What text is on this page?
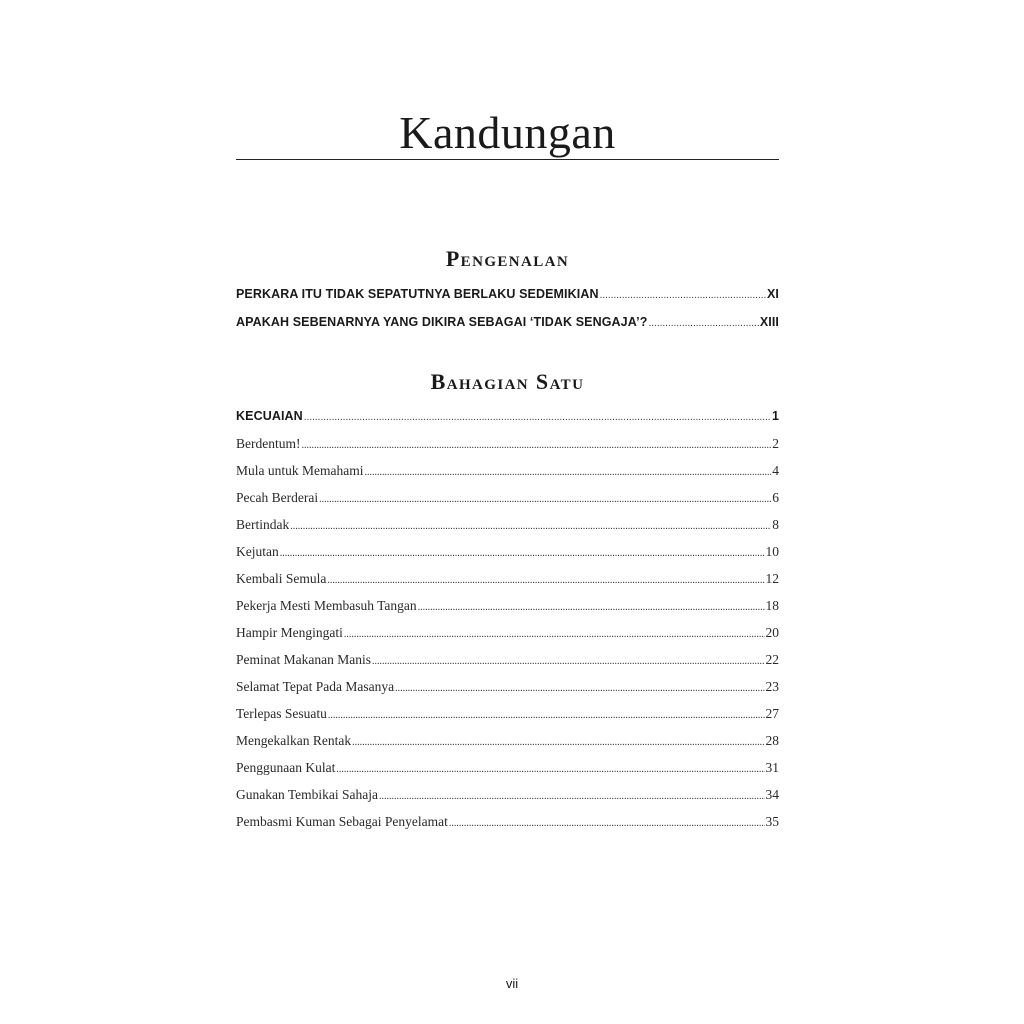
Kandungan
Pengenalan
PERKARA ITU TIDAK SEPATUTNYA BERLAKU SEDEMIKIAN .....	XI
APAKAH SEBENARNYA YANG DIKIRA SEBAGAI ‘TIDAK SENGAJA’? .....	XIII
Bahagian Satu
KECUAIAN .....	1
Berdentum! .....	2
Mula untuk Memahami .....	4
Pecah Berderai .....	6
Bertindak .....	8
Kejutan .....	10
Kembali Semula .....	12
Pekerja Mesti Membasuh Tangan .....	18
Hampir Mengingati .....	20
Peminat Makanan Manis .....	22
Selamat Tepat Pada Masanya .....	23
Terlepas Sesuatu .....	27
Mengekalkan Rentak .....	28
Penggunaan Kulat .....	31
Gunakan Tembikai Sahaja .....	34
Pembasmi Kuman Sebagai Penyelamat .....	35
vii
